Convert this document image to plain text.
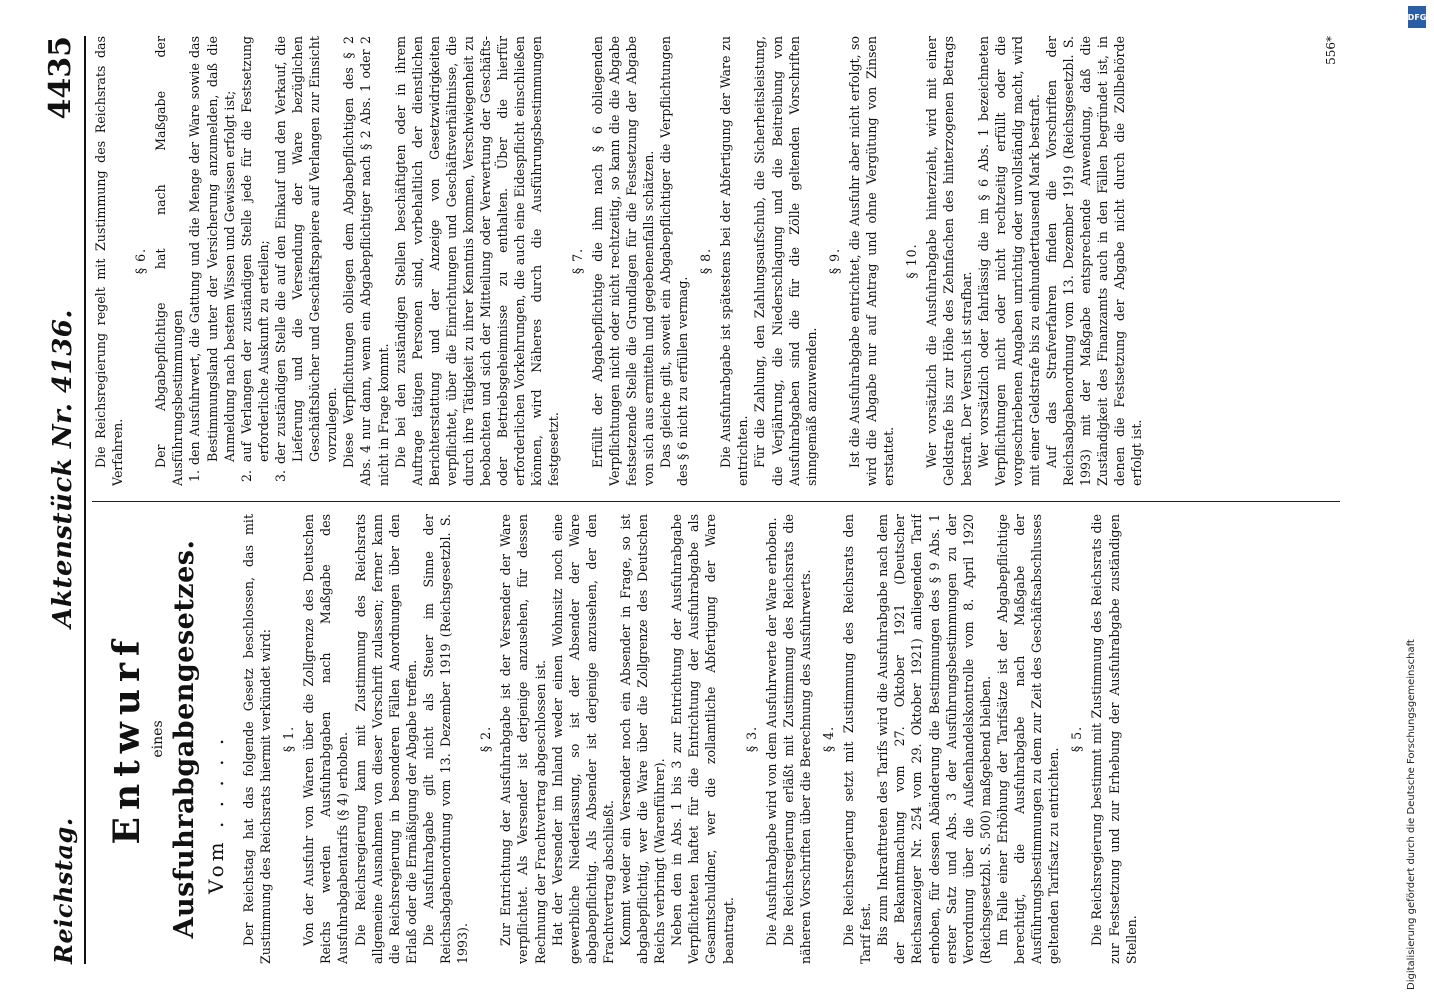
Reichstag.
Aktenstück Nr. 4136.
4435
Entwurf eines Ausfuhrabgabengesetzes. Vom . . . . . Der Reichstag hat das folgende Gesetz beschlossen, das mit Zustimmung des Reichsrats hiermit verkündet wird: § 1. Von der Ausfuhr von Waren über die Zollgrenze des Deutschen Reichs werden Ausfuhrabgaben nach Maßgabe des Ausfuhrabgabentarifs (§ 4) erhoben. Die Reichsregierung kann mit Zustimmung des Reichsrats allgemeine Ausnahmen von dieser Vorschrift zulassen; ferner kann die Reichsregierung in besonderen Fällen Anordnungen über den Erlaß oder die Ermäßigung der Abgabe treffen. Die Ausfuhrabgabe gilt nicht als Steuer im Sinne der Reichsabgabenordnung vom 13. Dezember 1919 (Reichsgesetzbl. S. 1993).

§ 2. Zur Entrichtung der Ausfuhrabgabe ist der Versender der Ware verpflichtet. Als Versender ist derjenige anzusehen, für dessen Rechnung der Frachtvertrag abgeschlossen ist. Hat der Versender im Inland weder einen Wohnsitz noch eine gewerbliche Niederlassung, so ist der Absender der Ware abgabepflichtig. Als Absender ist derjenige anzusehen, der den Frachtvertrag abschließt. Kommt weder ein Versender noch ein Absender in Frage, so ist abgabepflichtig, wer die Ware über die Zollgrenze des Deutschen Reichs verbringt (Warenführer). Neben den in Abs. 1 bis 3 zur Entrichtung der Ausfuhrabgabe Verpflichteten haftet für die Entrichtung der Ausfuhrabgabe als Gesamtschuldner, wer die zollamtliche Abfertigung der Ware beantragt.

§ 3. Die Ausfuhrabgabe wird von dem Ausfuhrwerte der Ware erhoben. Die Reichsregierung erläßt mit Zustimmung des Reichsrats die näheren Vorschriften über die Berechnung des Ausfuhrwerts. § 4. Die Reichsregierung setzt mit Zustimmung des Reichsrats den Tarif fest. Bis zum Inkrafttreten des Tarifs wird die Ausfuhrabgabe nach dem der Bekanntmachung vom 27. Oktober 1921 (Deutscher Reichsanzeiger Nr. 254 vom 29. Oktober 1921) anliegenden Tarif erhoben, für dessen Abänderung die Bestimmungen des § 9 Abs. 1 erster Satz und Abs. 3 der Ausführungsbestimmungen zu der Verordnung über die Außenhandelskontrolle vom 8. April 1920 (Reichsgesetzbl. S. 500) maßgebend bleiben. Im Falle einer Erhöhung der Tarifsätze ist der Abgabepflichtige berechtigt, die Ausfuhrabgabe nach Maßgabe der Ausführungsbestimmungen zu dem zur Zeit des Geschäftsabschlusses geltenden Tarifsatz zu entrichten.

§ 5. Die Reichsregierung bestimmt mit Zustimmung des Reichsrats die zur Festsetzung und zur Erhebung der Ausfuhrabgabe zuständigen Stellen.

Die Reichsregierung regelt mit Zustimmung des Reichsrats das Verfahren.

§ 6. Der Abgabepflichtige hat nach Maßgabe der Ausführungsbestimmungen 1. den Ausfuhrwert, die Gattung und die Menge der Ware sowie das Bestimmungsland unter der Versicherung anzumelden, daß die Anmeldung nach bestem Wissen und Gewissen erfolgt ist; 2. auf Verlangen der zuständigen Stelle jede für die Festsetzung erforderliche Auskunft zu erteilen; 3. der zuständigen Stelle die auf den Einkauf und den Verkauf, die Lieferung und die Versendung der Ware bezüglichen Geschäftsbücher und Geschäftspapiere auf Verlangen zur Einsicht vorzulegen. Diese Verpflichtungen obliegen dem Abgabepflichtigen des § 2 Abs. 4 nur dann, wenn ein Abgabepflichtiger nach § 2 Abs. 1 oder 2 nicht in Frage kommt. Die bei den zuständigen Stellen beschäftigten oder in ihrem Auftrage tätigen Personen sind, vorbehaltlich der dienstlichen Berichterstattung und der Anzeige von Gesetzwidrigkeiten verpflichtet, über die Einrichtungen und Geschäftsverhältnisse, die durch ihre Tätigkeit zu ihrer Kenntnis kommen, Verschwiegenheit zu beobachten und sich der Mitteilung oder Verwertung der Geschäfts- oder Betriebsgeheimnisse zu enthalten. Über die hierfür erforderlichen Vorkehrungen, die auch eine Eidespflicht einschließen können, wird Näheres durch die Ausführungsbestimmungen festgesetzt.

§ 7. Erfüllt der Abgabepflichtige die ihm nach § 6 obliegenden Verpflichtungen nicht oder nicht rechtzeitig, so kann die die Abgabe festsetzende Stelle die Grundlagen für die Festsetzung der Abgabe von sich aus ermitteln und gegebenenfalls schätzen. Das gleiche gilt, soweit ein Abgabepflichtiger die Verpflichtungen des § 6 nicht zu erfüllen vermag.

§ 8. Die Ausfuhrabgabe ist spätestens bei der Abfertigung der Ware zu entrichten. Für die Zahlung, den Zahlungsaufschub, die Sicherheitsleistung, die Verjährung, die Niederschlagung und die Beitreibung von Ausfuhrabgaben sind die für die Zölle geltenden Vorschriften sinngemäß anzuwenden.

§ 9. Ist die Ausfuhrabgabe entrichtet, die Ausfuhr aber nicht erfolgt, so wird die Abgabe nur auf Antrag und ohne Vergütung von Zinsen erstattet.

§ 10. Wer vorsätzlich die Ausfuhrabgabe hinterzieht, wird mit einer Geldstrafe bis zur Höhe des Zehnfachen des hinterzogenen Betrags bestraft. Der Versuch ist strafbar. Wer vorsätzlich oder fahrlässig die im § 6 Abs. 1 bezeichneten Verpflichtungen nicht oder nicht rechtzeitig erfüllt oder die vorgeschriebenen Angaben unrichtig oder unvollständig macht, wird mit einer Geldstrafe bis zu einhunderttausend Mark bestraft. Auf das Strafverfahren finden die Vorschriften der Reichsabgabenordnung vom 13. Dezember 1919 (Reichsgesetzbl. S. 1993) mit der Maßgabe entsprechende Anwendung, daß die Zuständigkeit des Finanzamts auch in den Fällen begründet ist, in denen die Festsetzung der Abgabe nicht durch die Zollbehörde erfolgt ist.

556*
Digitalisierung gefördert durch die Deutsche Forschungsgemeinschaft
DFG
